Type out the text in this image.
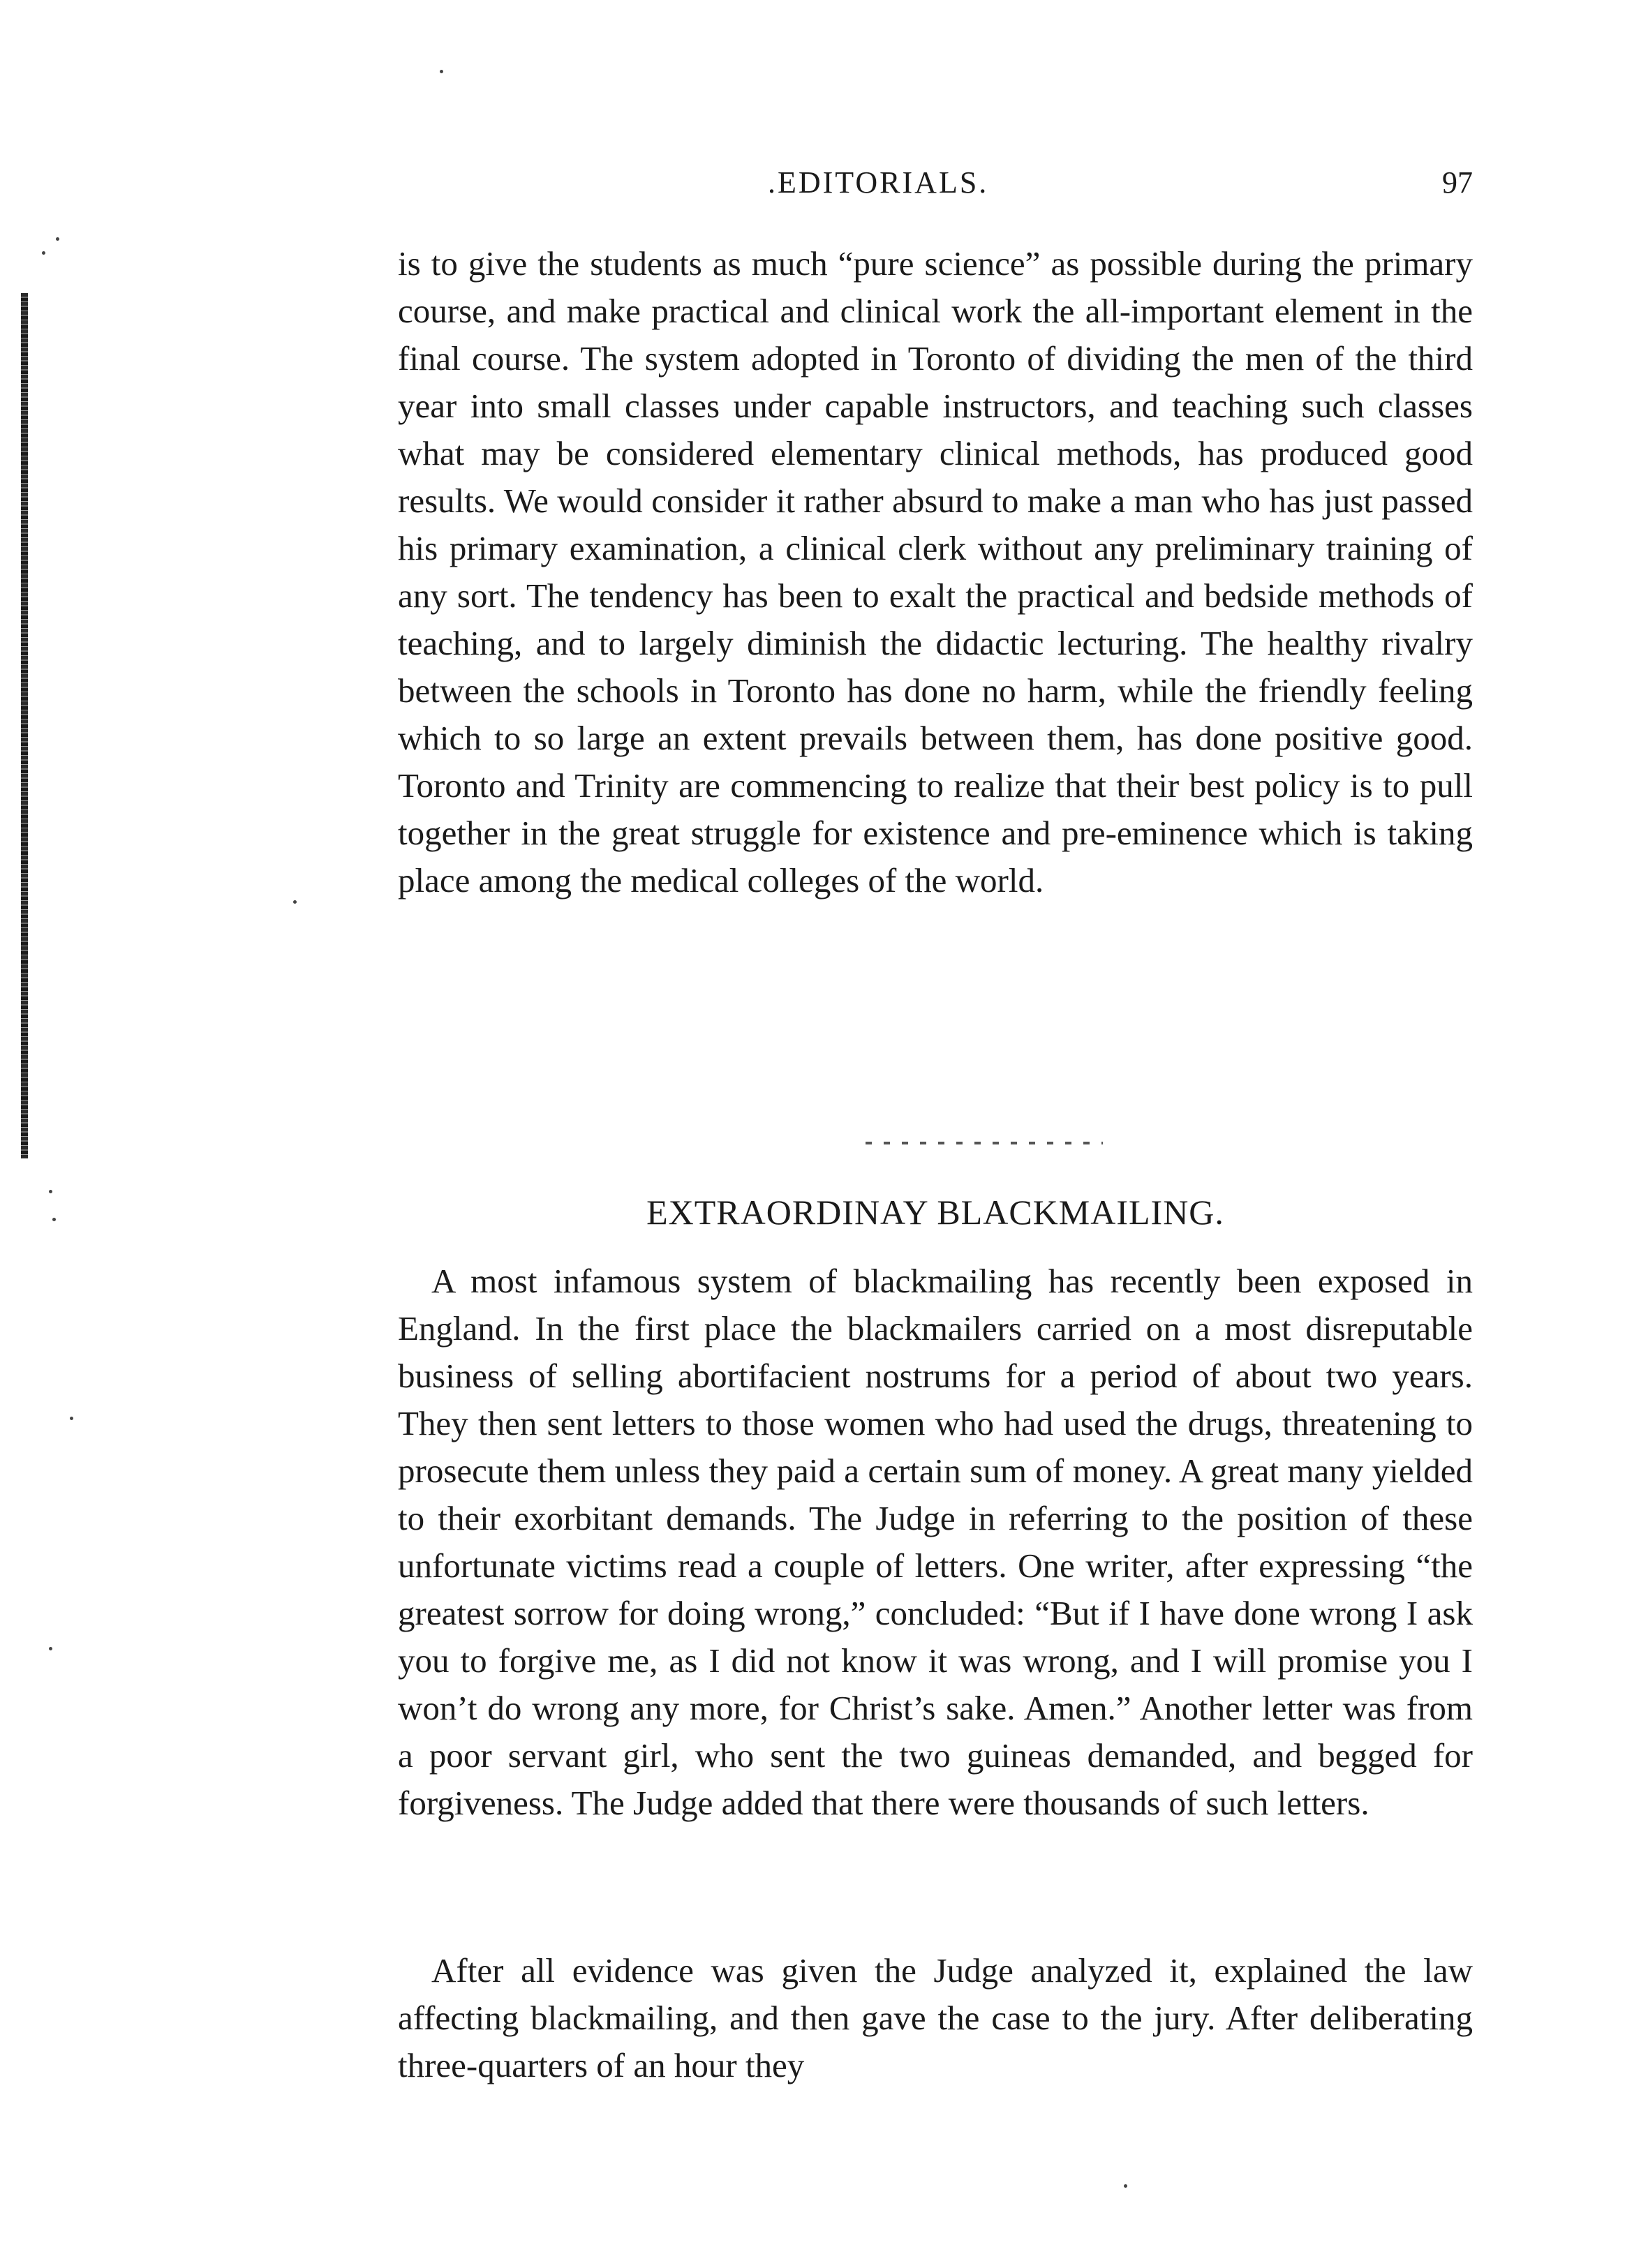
.EDITORIALS.	97

is to give the students as much “pure science” as possible during the primary course, and make practical and clinical work the all-important element in the final course. The system adopted in Toronto of dividing the men of the third year into small classes under capable instructors, and teaching such classes what may be considered elementary clinical methods, has produced good results. We would consider it rather absurd to make a man who has just passed his primary examination, a clinical clerk without any preliminary training of any sort. The tendency has been to exalt the practical and bedside methods of teaching, and to largely diminish the didactic lecturing. The healthy rivalry between the schools in Toronto has done no harm, while the friendly feeling which to so large an extent prevails between them, has done positive good. Toronto and Trinity are commencing to realize that their best policy is to pull together in the great struggle for existence and pre-eminence which is taking place among the medical colleges of the world.

EXTRAORDINAY BLACKMAILING.

A most infamous system of blackmailing has recently been exposed in England. In the first place the blackmailers carried on a most disreputable business of selling abortifacient nostrums for a period of about two years. They then sent letters to those women who had used the drugs, threatening to prosecute them unless they paid a certain sum of money. A great many yielded to their exorbitant demands. The Judge in referring to the position of these unfortunate victims read a couple of letters. One writer, after expressing “the greatest sorrow for doing wrong,” concluded: “But if I have done wrong I ask you to forgive me, as I did not know it was wrong, and I will promise you I won’t do wrong any more, for Christ’s sake. Amen.” Another letter was from a poor servant girl, who sent the two guineas demanded, and begged for forgiveness. The Judge added that there were thousands of such letters.

After all evidence was given the Judge analyzed it, explained the law affecting blackmailing, and then gave the case to the jury. After deliberating three-quarters of an hour they
